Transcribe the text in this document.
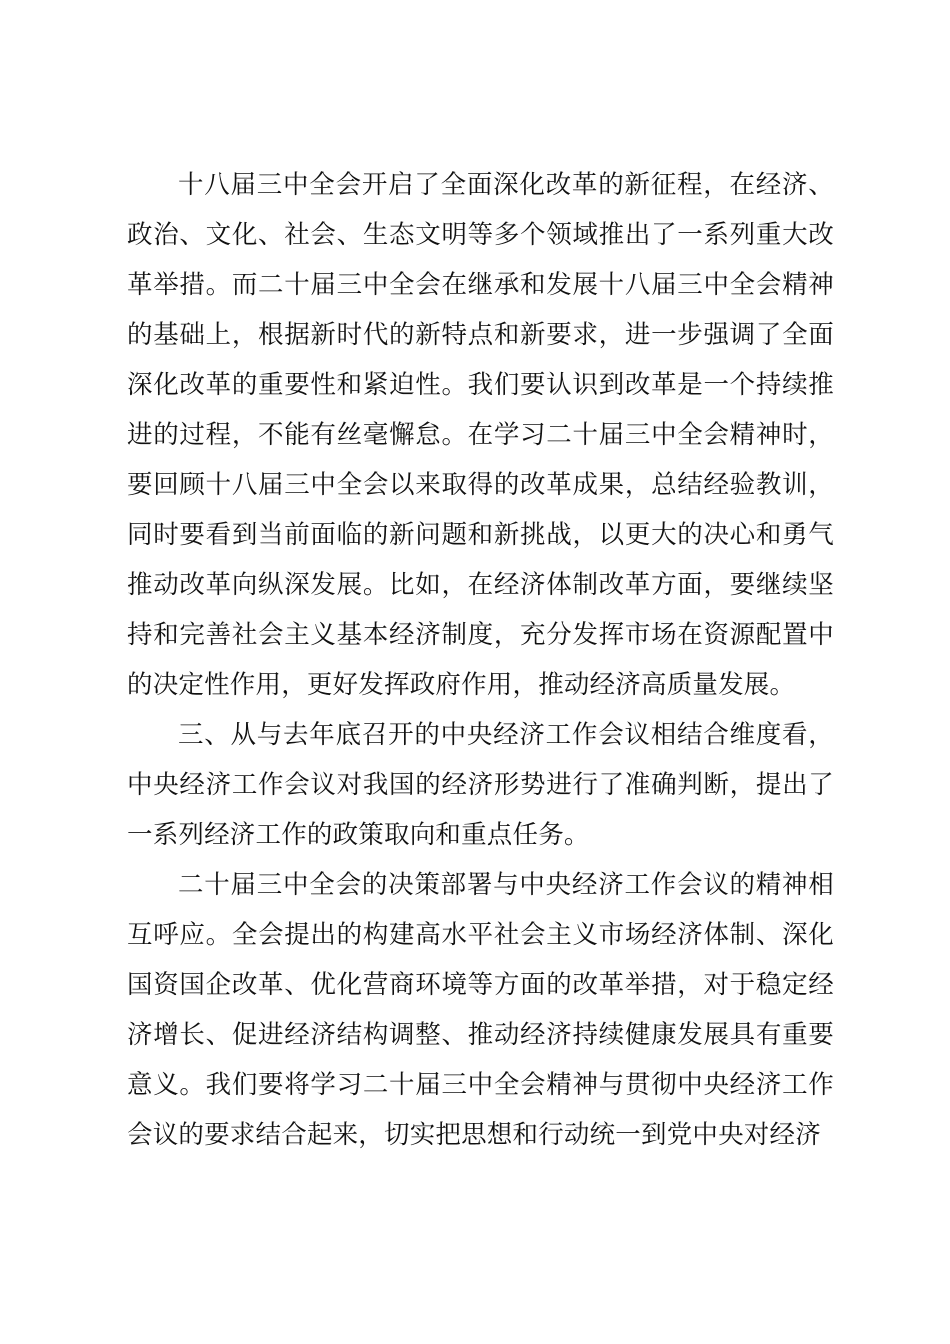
十八届三中全会开启了全面深化改革的新征程，在经济、政治、文化、社会、生态文明等多个领域推出了一系列重大改革举措。而二十届三中全会在继承和发展十八届三中全会精神的基础上，根据新时代的新特点和新要求，进一步强调了全面深化改革的重要性和紧迫性。我们要认识到改革是一个持续推进的过程，不能有丝毫懈怠。在学习二十届三中全会精神时，要回顾十八届三中全会以来取得的改革成果，总结经验教训，同时要看到当前面临的新问题和新挑战，以更大的决心和勇气推动改革向纵深发展。比如，在经济体制改革方面，要继续坚持和完善社会主义基本经济制度，充分发挥市场在资源配置中的决定性作用，更好发挥政府作用，推动经济高质量发展。

三、从与去年底召开的中央经济工作会议相结合维度看，中央经济工作会议对我国的经济形势进行了准确判断，提出了一系列经济工作的政策取向和重点任务。

二十届三中全会的决策部署与中央经济工作会议的精神相互呼应。全会提出的构建高水平社会主义市场经济体制、深化国资国企改革、优化营商环境等方面的改革举措，对于稳定经济增长、促进经济结构调整、推动经济持续健康发展具有重要意义。我们要将学习二十届三中全会精神与贯彻中央经济工作会议的要求结合起来，切实把思想和行动统一到党中央对经济
